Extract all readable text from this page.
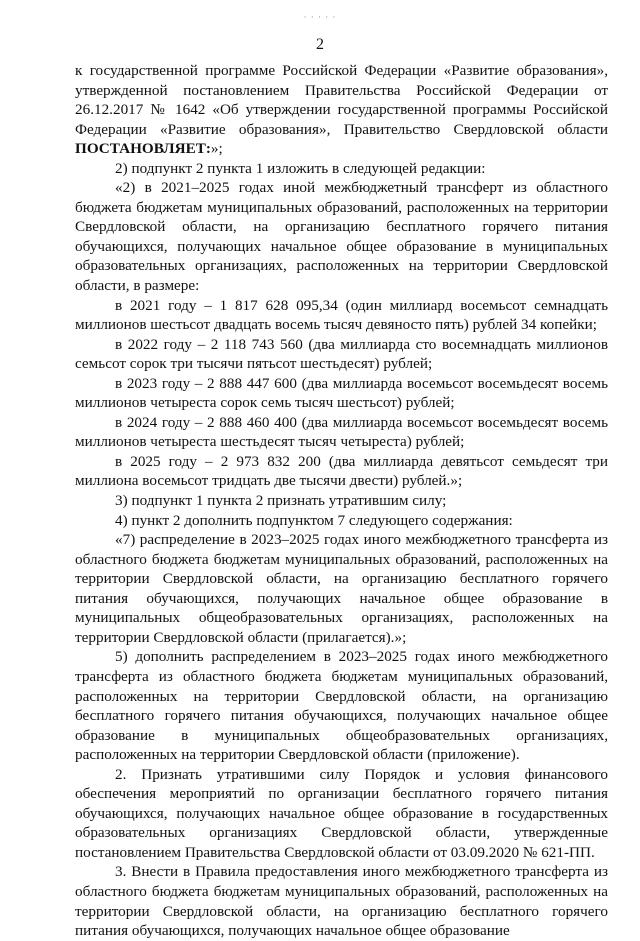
· · · · ·
2

к государственной программе Российской Федерации «Развитие образования», утвержденной постановлением Правительства Российской Федерации от 26.12.2017 № 1642 «Об утверждении государственной программы Российской Федерации «Развитие образования», Правительство Свердловской области ПОСТАНОВЛЯЕТ:»;

2) подпункт 2 пункта 1 изложить в следующей редакции:

«2) в 2021–2025 годах иной межбюджетный трансферт из областного бюджета бюджетам муниципальных образований, расположенных на территории Свердловской области, на организацию бесплатного горячего питания обучающихся, получающих начальное общее образование в муниципальных образовательных организациях, расположенных на территории Свердловской области, в размере:

в 2021 году – 1 817 628 095,34 (один миллиард восемьсот семнадцать миллионов шестьсот двадцать восемь тысяч девяносто пять) рублей 34 копейки;

в 2022 году – 2 118 743 560 (два миллиарда сто восемнадцать миллионов семьсот сорок три тысячи пятьсот шестьдесят) рублей;

в 2023 году – 2 888 447 600 (два миллиарда восемьсот восемьдесят восемь миллионов четыреста сорок семь тысяч шестьсот) рублей;

в 2024 году – 2 888 460 400 (два миллиарда восемьсот восемьдесят восемь миллионов четыреста шестьдесят тысяч четыреста) рублей;

в 2025 году – 2 973 832 200 (два миллиарда девятьсот семьдесят три миллиона восемьсот тридцать две тысячи двести) рублей.»;

3) подпункт 1 пункта 2 признать утратившим силу;

4) пункт 2 дополнить подпунктом 7 следующего содержания:

«7) распределение в 2023–2025 годах иного межбюджетного трансферта из областного бюджета бюджетам муниципальных образований, расположенных на территории Свердловской области, на организацию бесплатного горячего питания обучающихся, получающих начальное общее образование в муниципальных общеобразовательных организациях, расположенных на территории Свердловской области (прилагается).»;

5) дополнить распределением в 2023–2025 годах иного межбюджетного трансферта из областного бюджета бюджетам муниципальных образований, расположенных на территории Свердловской области, на организацию бесплатного горячего питания обучающихся, получающих начальное общее образование в муниципальных общеобразовательных организациях, расположенных на территории Свердловской области (приложение).

2. Признать утратившими силу Порядок и условия финансового обеспечения мероприятий по организации бесплатного горячего питания обучающихся, получающих начальное общее образование в государственных образовательных организациях Свердловской области, утвержденные постановлением Правительства Свердловской области от 03.09.2020 № 621-ПП.

3. Внести в Правила предоставления иного межбюджетного трансферта из областного бюджета бюджетам муниципальных образований, расположенных на территории Свердловской области, на организацию бесплатного горячего питания обучающихся, получающих начальное общее образование
